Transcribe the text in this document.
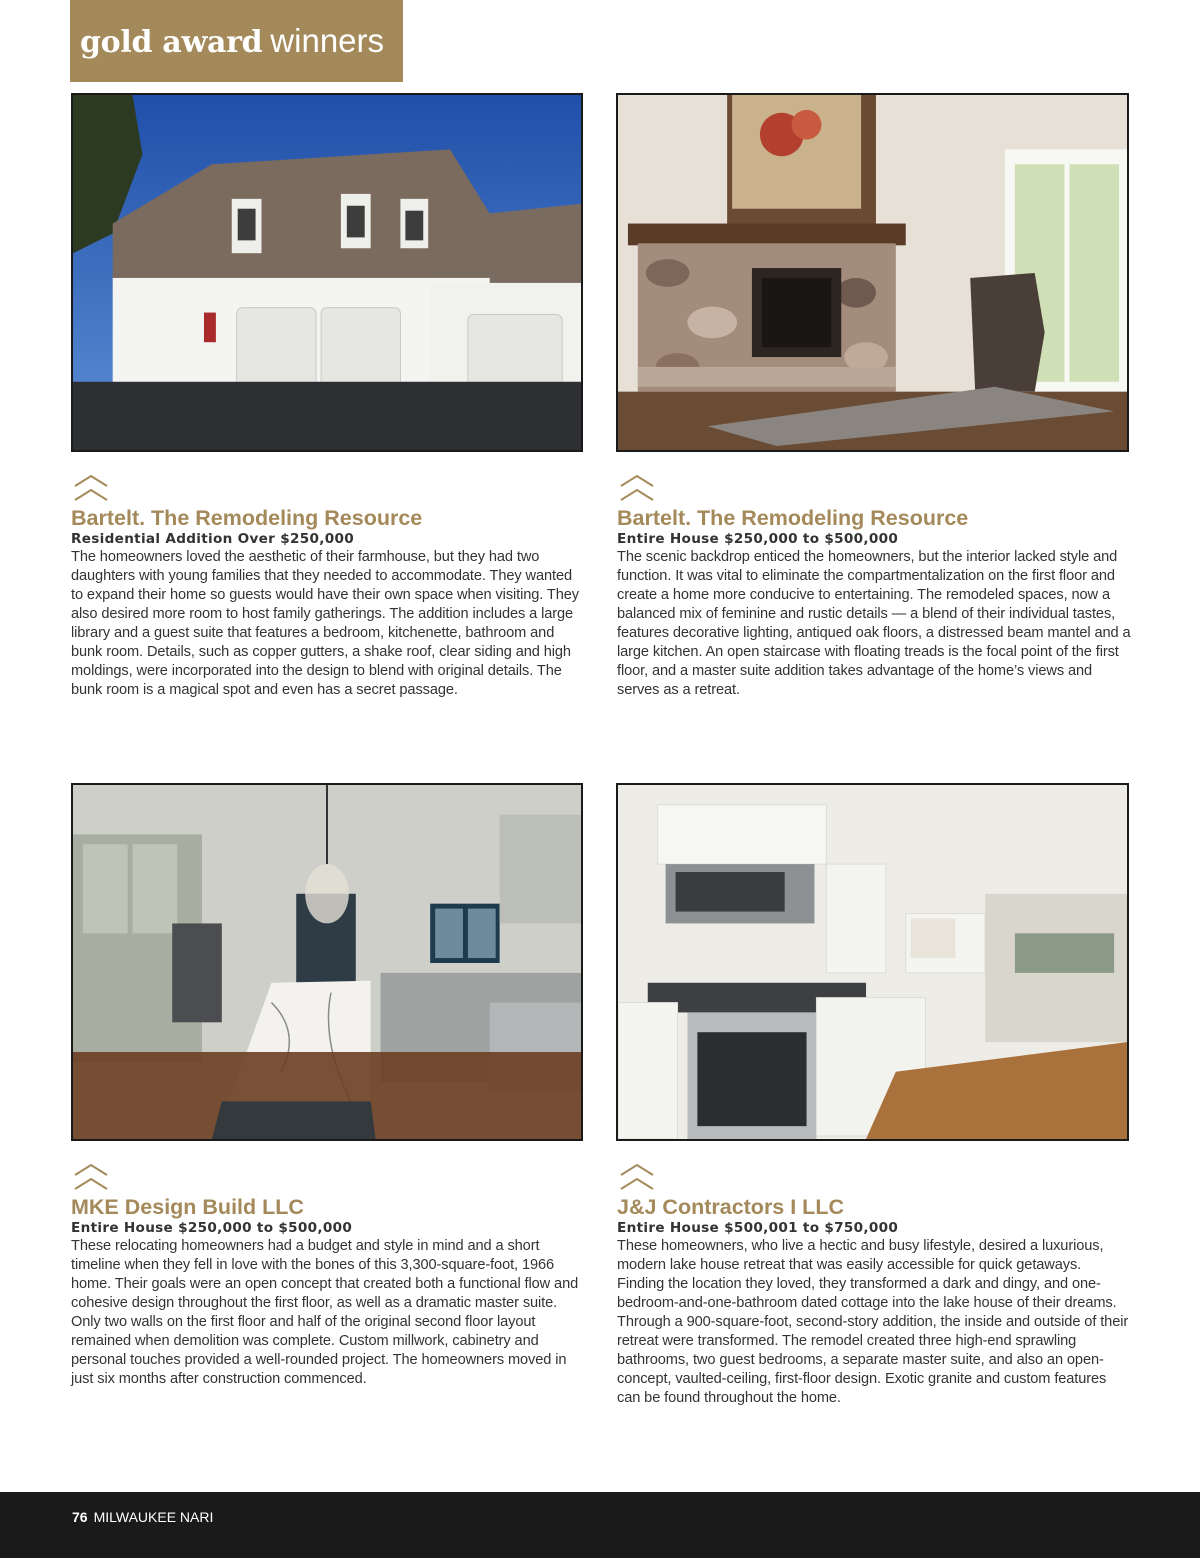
gold award winners
Bartelt. The Remodeling Resource
Residential Addition Over $250,000

The homeowners loved the aesthetic of their farmhouse, but they had two daughters with young families that they needed to accommodate. They wanted to expand their home so guests would have their own space when visiting. They also desired more room to host family gatherings. The addition includes a large library and a guest suite that features a bedroom, kitchenette, bathroom and bunk room. Details, such as copper gutters, a shake roof, clear siding and high moldings, were incorporated into the design to blend with original details. The bunk room is a magical spot and even has a secret passage.

Bartelt. The Remodeling Resource
Entire House $250,000 to $500,000

The scenic backdrop enticed the homeowners, but the interior lacked style and function. It was vital to eliminate the compartmentalization on the first floor and create a home more conducive to entertaining. The remodeled spaces, now a balanced mix of feminine and rustic details — a blend of their individual tastes, features decorative lighting, antiqued oak floors, a distressed beam mantel and a large kitchen. An open staircase with floating treads is the focal point of the first floor, and a master suite addition takes advantage of the home’s views and serves as a retreat.

MKE Design Build LLC
Entire House $250,000 to $500,000

These relocating homeowners had a budget and style in mind and a short timeline when they fell in love with the bones of this 3,300-square-foot, 1966 home. Their goals were an open concept that created both a functional flow and cohesive design throughout the first floor, as well as a dramatic master suite. Only two walls on the first floor and half of the original second floor layout remained when demolition was complete. Custom millwork, cabinetry and personal touches provided a well-rounded project. The homeowners moved in just six months after construction commenced.

J&J Contractors I LLC
Entire House $500,001 to $750,000

These homeowners, who live a hectic and busy lifestyle, desired a luxurious, modern lake house retreat that was easily accessible for quick getaways. Finding the location they loved, they transformed a dark and dingy, and one-bedroom-and-one-bathroom dated cottage into the lake house of their dreams. Through a 900-square-foot, second-story addition, the inside and outside of their retreat were transformed. The remodel created three high-end sprawling bathrooms, two guest bedrooms, a separate master suite, and also an open-concept, vaulted-ceiling, first-floor design. Exotic granite and custom features can be found throughout the home.

76 MILWAUKEE NARI
